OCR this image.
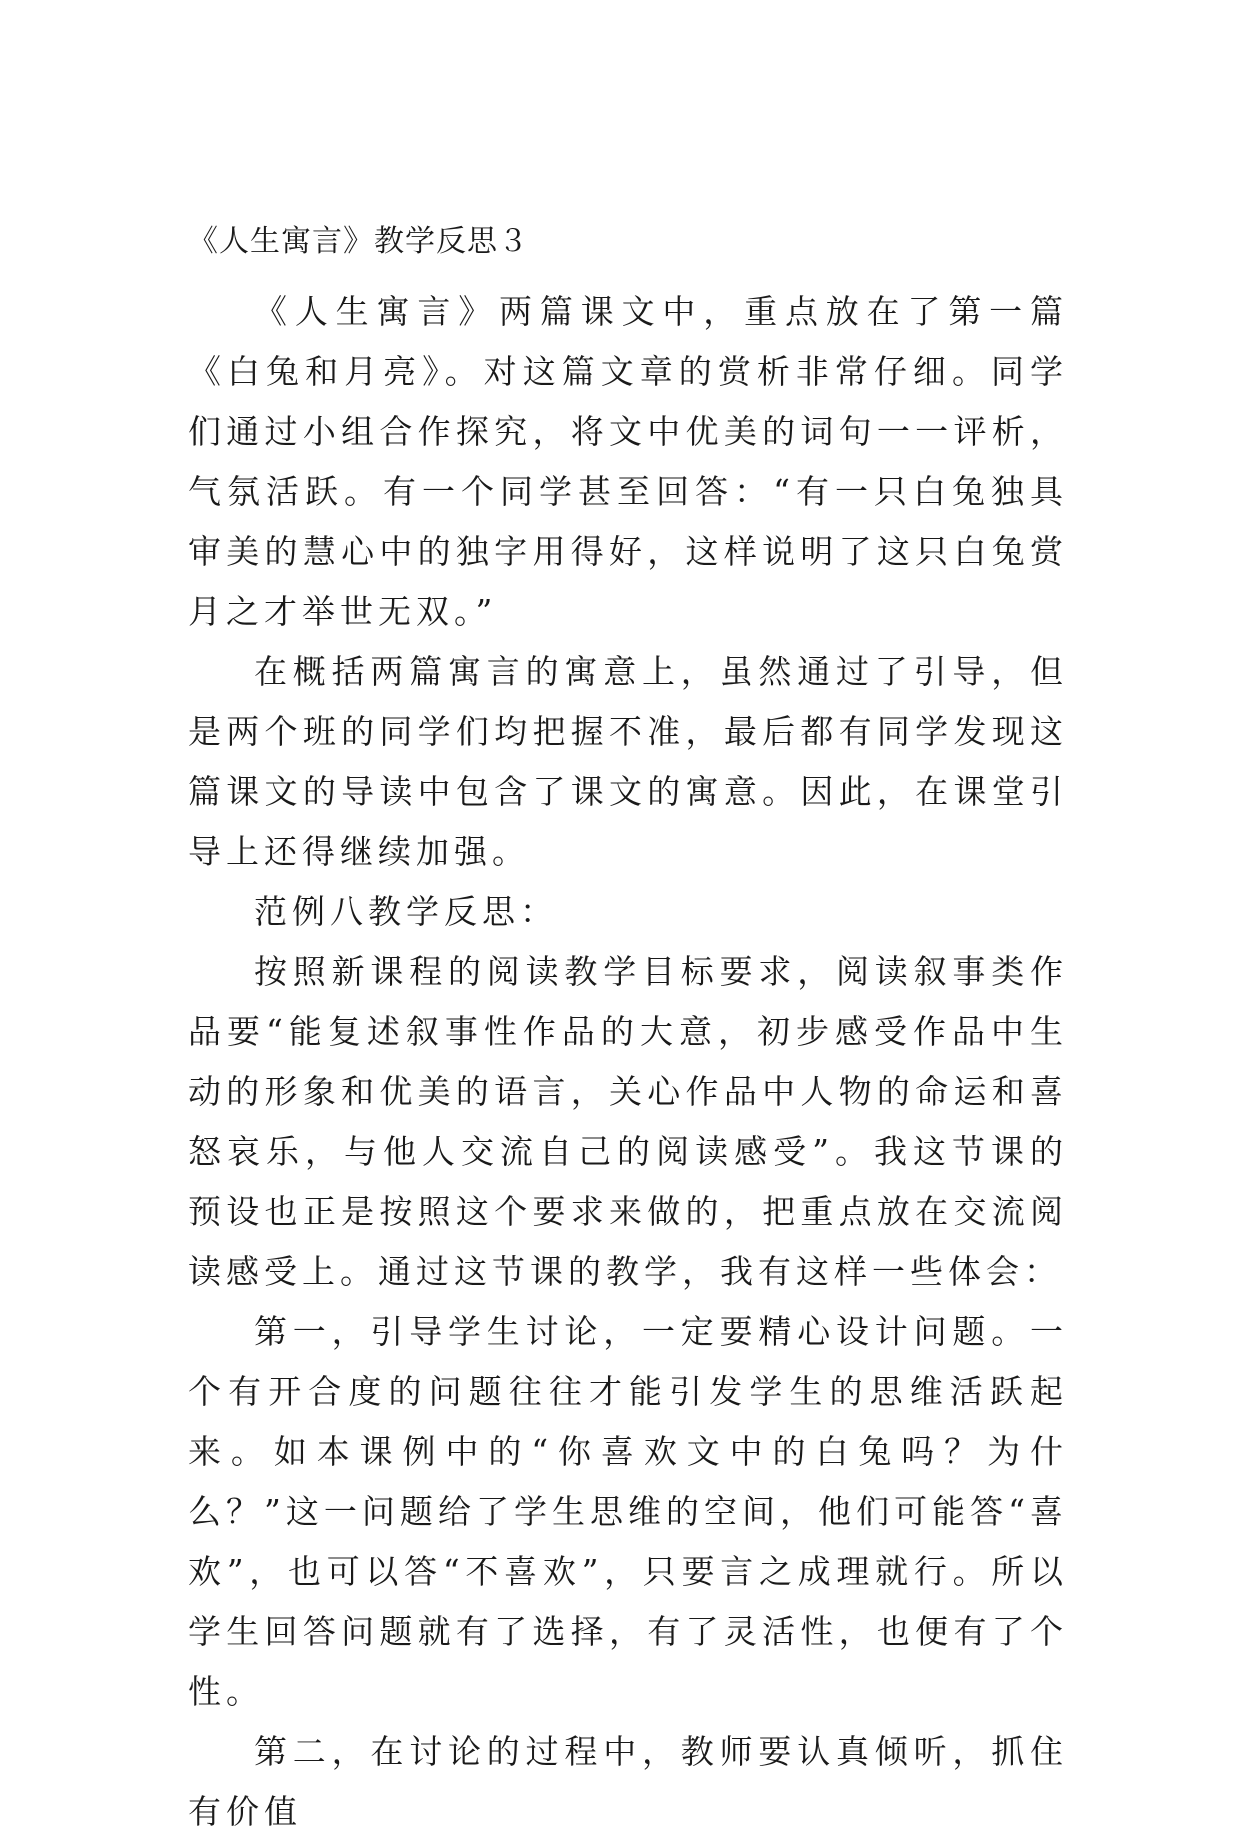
《人生寓言》教学反思３

《人生寓言》两篇课文中，重点放在了第一篇《白兔和月亮》。对这篇文章的赏析非常仔细。同学们通过小组合作探究，将文中优美的词句一一评析，气氛活跃。有一个同学甚至回答：“有一只白兔独具审美的慧心中的独字用得好，这样说明了这只白兔赏月之才举世无双。”

在概括两篇寓言的寓意上，虽然通过了引导，但是两个班的同学们均把握不准，最后都有同学发现这篇课文的导读中包含了课文的寓意。因此，在课堂引导上还得继续加强。

范例八教学反思：

按照新课程的阅读教学目标要求，阅读叙事类作品要“能复述叙事性作品的大意，初步感受作品中生动的形象和优美的语言，关心作品中人物的命运和喜怒哀乐，与他人交流自己的阅读感受”。我这节课的预设也正是按照这个要求来做的，把重点放在交流阅读感受上。通过这节课的教学，我有这样一些体会：

第一，引导学生讨论，一定要精心设计问题。一个有开合度的问题往往才能引发学生的思维活跃起来。如本课例中的“你喜欢文中的白兔吗？为什么？”这一问题给了学生思维的空间，他们可能答“喜欢”，也可以答“不喜欢”，只要言之成理就行。所以学生回答问题就有了选择，有了灵活性，也便有了个性。

第二，在讨论的过程中，教师要认真倾听，抓住有价值
